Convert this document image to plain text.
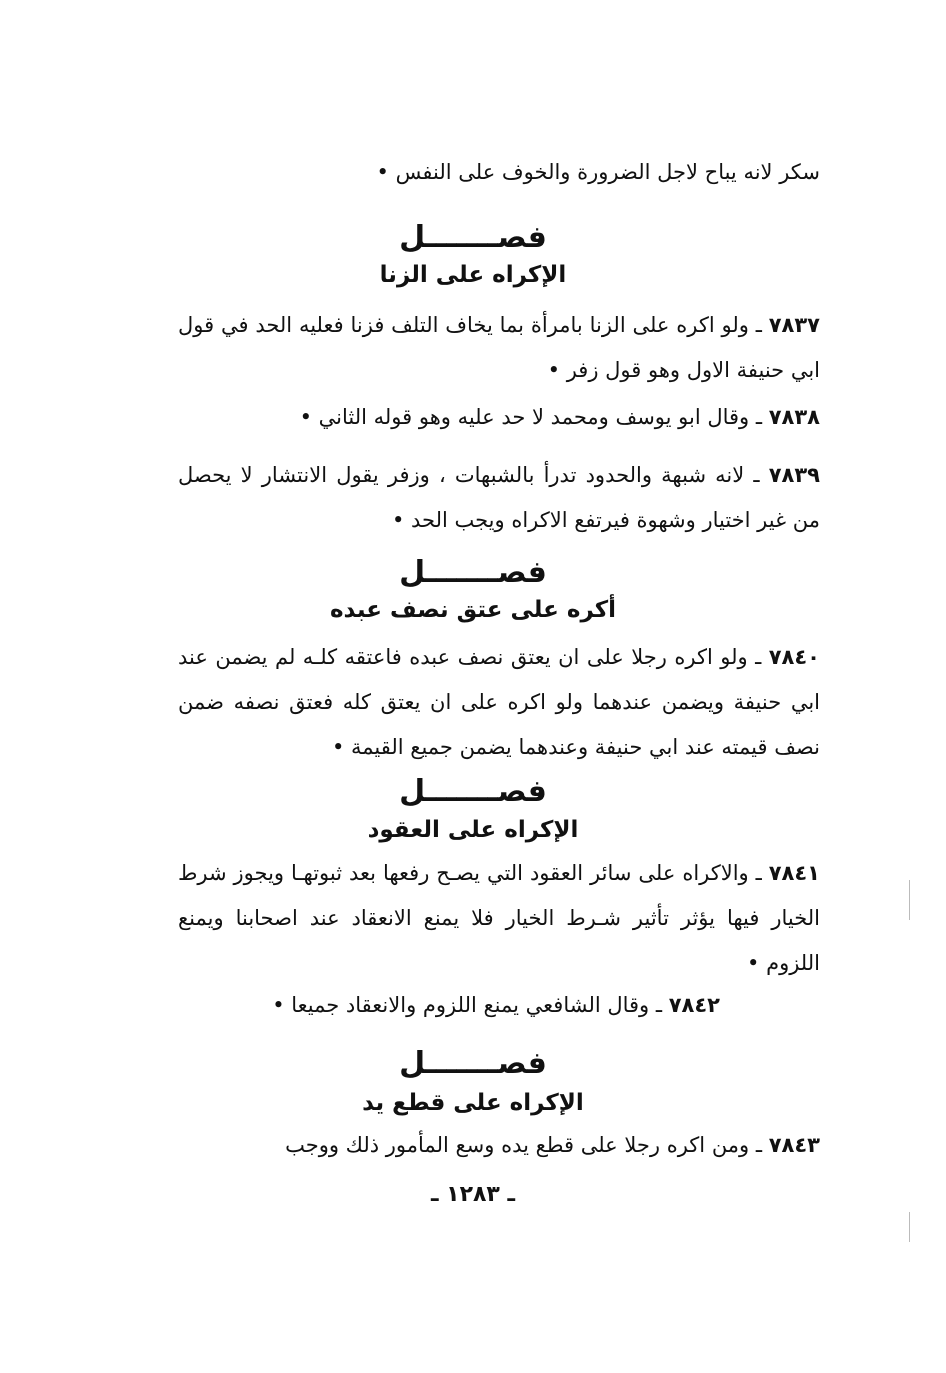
سكر لانه يباح لاجل الضرورة والخوف على النفس •
فصـــــــل
الإكراه على الزنا
٧٨٣٧ ـ ولو اكره على الزنا بامرأة بما يخاف التلف فزنا فعليه الحد في قول ابي حنيفة الاول وهو قول زفر •
٧٨٣٨ ـ وقال ابو يوسف ومحمد لا حد عليه وهو قوله الثاني •
٧٨٣٩ ـ لانه شبهة والحدود تدرأ بالشبهات ، وزفر يقول الانتشار لا يحصل من غير اختيار وشهوة فيرتفع الاكراه ويجب الحد •
فصـــــــل
أكره على عتق نصف عبده
٧٨٤٠ ـ ولو اكره رجلا على ان يعتق نصف عبده فاعتقه كلـه لم يضمن عند ابي حنيفة ويضمن عندهما ولو اكره على ان يعتق كله فعتق نصفه ضمن نصف قيمته عند ابي حنيفة وعندهما يضمن جميع القيمة •
فصـــــــل
الإكراه على العقود
٧٨٤١ ـ والاكراه على سائر العقود التي يصـح رفعها بعد ثبوتهـا ويجوز شرط الخيار فيها يؤثر تأثير شـرط الخيار فلا يمنع الانعقاد عند اصحابنا ويمنع اللزوم •
٧٨٤٢ ـ وقال الشافعي يمنع اللزوم والانعقاد جميعا •
فصـــــــل
الإكراه على قطع يد
٧٨٤٣ ـ ومن اكره رجلا على قطع يده وسع المأمور ذلك ووجب
ـ ١٢٨٣ ـ
